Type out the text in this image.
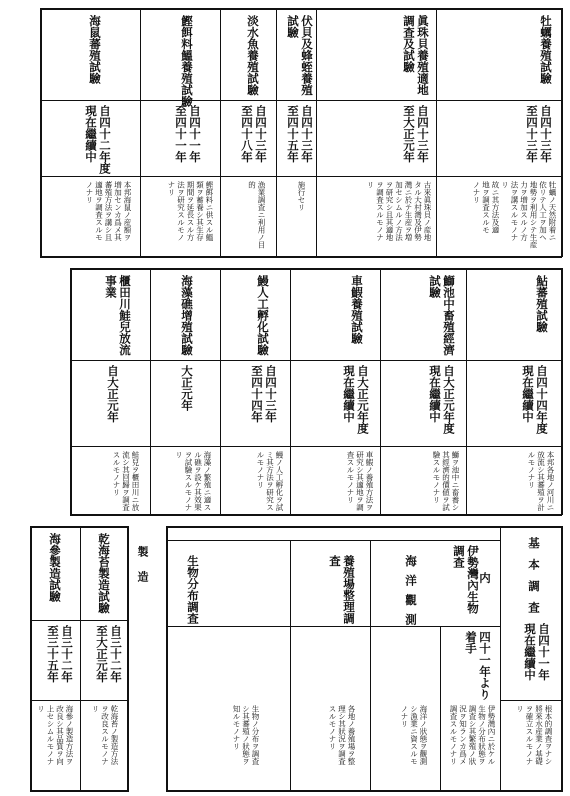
牡蠣養殖試驗
自四十三年
至四十三年
牡蠣ノ天然附着ニ
依リテ人工ヲ加ヘ
地勢ヲ利用シテ生産
力ヲ増加スルノ方
法ヲ講スルモノナ
リ
故ニ其方法及適
地ヲ調査スルモ
ノナリ
眞珠貝養殖適地
調査及試驗
自四十三年
至大正元年
古來眞珠貝ノ産地
タル大村灣及伊勢
灣ニ於テ生産ヲ増
加セシムルノ方法
ヲ研究シ且其適地
ヲ調査スルモノナ
リ
伏貝及蜂蛭養殖
試驗
自四十三年
至四十五年
施行セリ
淡水魚養殖試驗
自四十三年
至四十八年
漁業調査ニ利用ノ目
的
鰹餌料鰮養殖試驗
自四十一年
至四十一年
鰹餌料ニ供スル鰮
類ヲ蓄養シ其生存
期間ヲ延長スル方
法ヲ研究スルモノ
ナリ
海鼠蕃殖試驗
自四十二年度
現在繼續中
本邦海鼠ノ産額ヲ
増加センカ爲メ其
蕃殖方法ヲ講シ且
適地ヲ調査スルモ
ノナリ
鮎蕃殖試驗
自四十四年度
現在繼續中
本邦各地ノ河川ニ
放流シ其蕃殖ヲ計
ルモノナリ
鰤池中畜殖經濟
試驗
自大正元年度
現在繼續中
鰤ヲ池中ニ畜養シ
其經濟的價値ヲ試
驗スルモノナリ
車鰕養殖試驗
自大正元年度
現在繼續中
車鰕ノ養殖方法ヲ
研究シ其適地ヲ調
査スルモノナリ
鰻人工孵化試驗
自四十三年
至四十四年
鰻ノ人工孵化ヲ試
ミ其方法ヲ研究ス
ルモノナリ
海藻礁增殖試驗
大正元年
海藻ノ繁殖ニ適ス
ル礁ヲ設ケ其效果
ヲ試驗スルモノナ
リ
櫃田川鮭兒放流
事業
自大正元年
鮭兒ヲ櫃田川ニ放
流シ其回歸ヲ調査
スルモノナリ
基本調査
自四十一年
現在繼續中
根本的調査ヲナシ
將來水産業ノ基礎
ヲ確立スルモノナ
リ
内
伊勢灣內生物
調査
四十一年より
着手
伊勢灣內ニ於ケル
生物ノ分布狀態ヲ
調査シ其繁殖ノ狀
況ヲ知ランカ爲メ
調査スルモノナリ
海洋觀測
海洋ノ狀態ヲ觀測
シ漁業ニ資スルモ
ノナリ
養殖場整理調
査
各地ノ養殖場ヲ整
理シ其狀況ヲ調査
スルモノナリ
生物分布調査
生物ノ分布ヲ調査
シ其蕃殖ノ狀態ヲ
知ルモノナリ
製造
乾海苔製造試驗
自三十二年
至大正元年
乾海苔ノ製造方法
ヲ改良スルモノナ
リ
海參製造試驗
自三十二年
至三十五年
海參ノ製造方法ヲ
改良シ其品質ヲ向
上セシムルモノナ
リ
